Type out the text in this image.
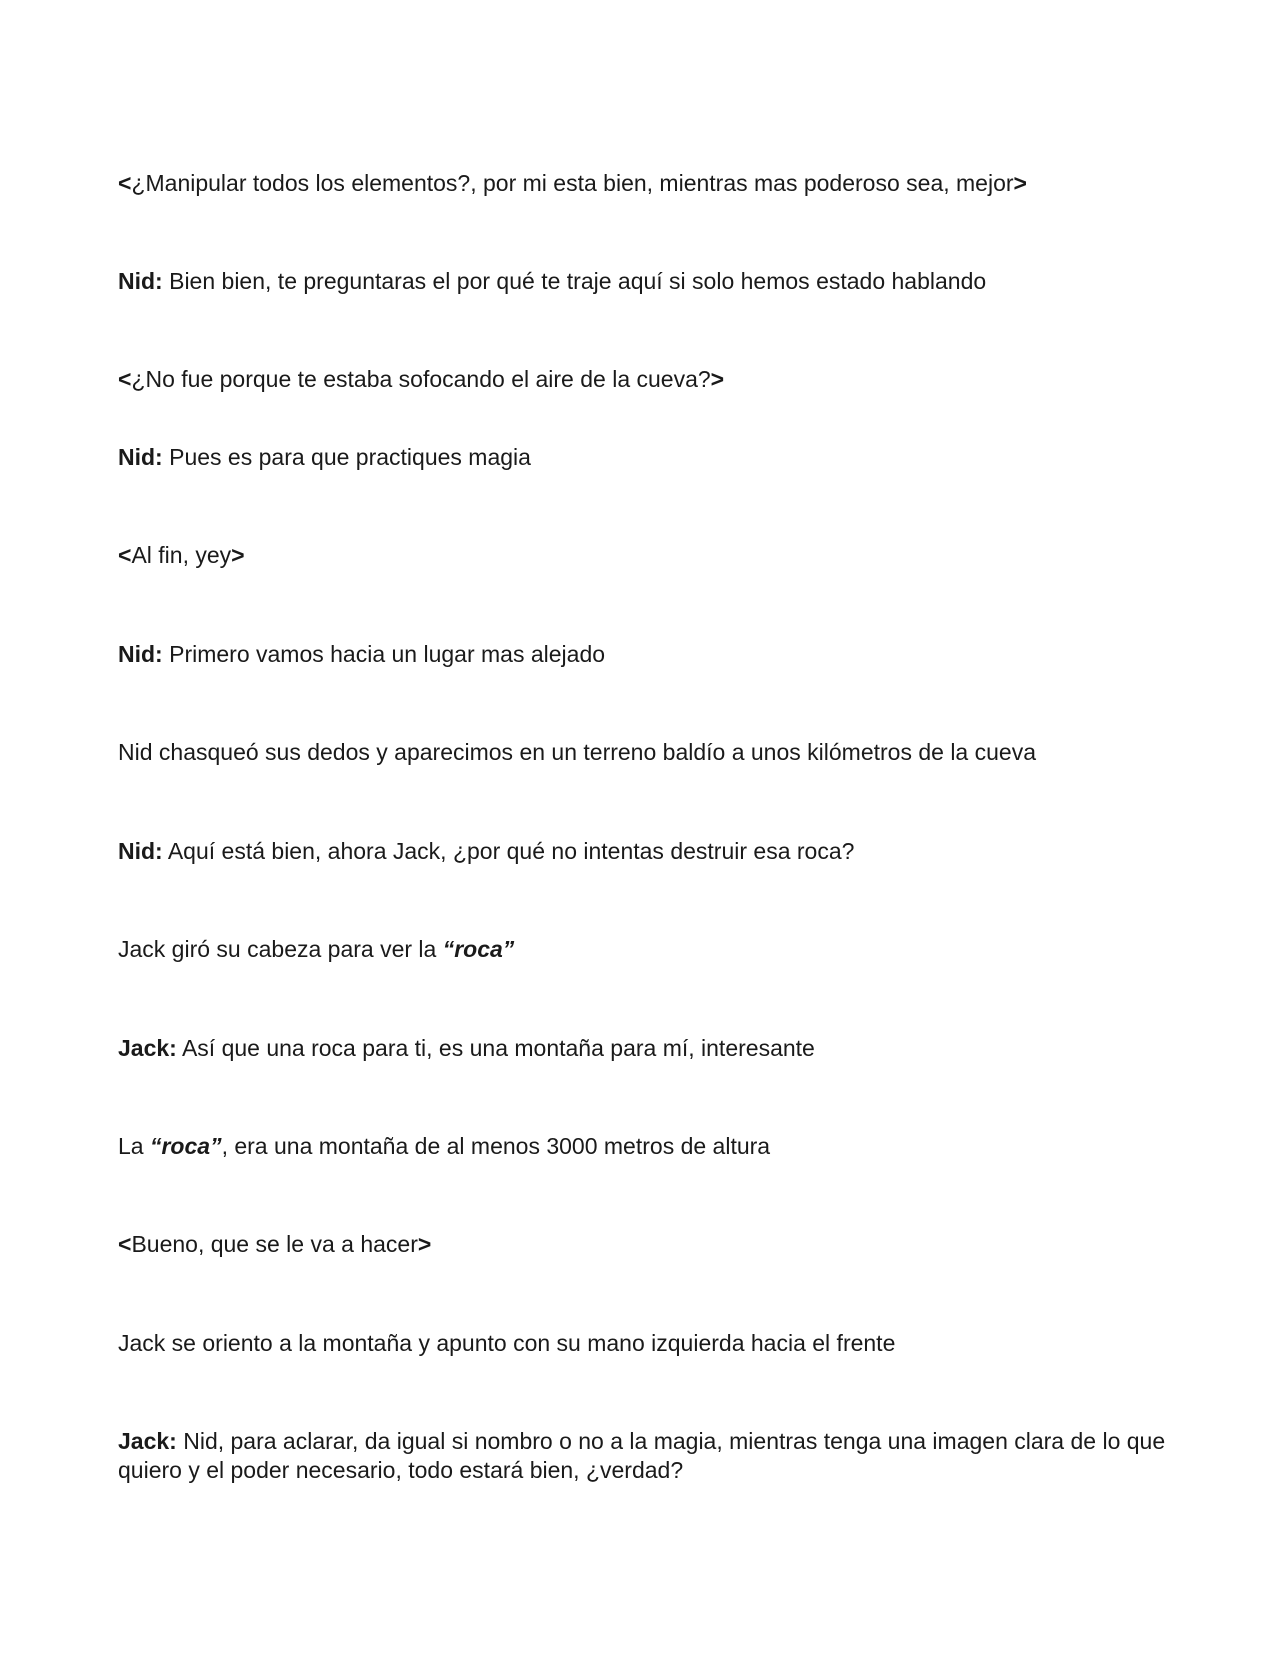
<¿Manipular todos los elementos?, por mi esta bien, mientras mas poderoso sea, mejor>

Nid: Bien bien, te preguntaras el por qué te traje aquí si solo hemos estado hablando

<¿No fue porque te estaba sofocando el aire de la cueva?>

Nid: Pues es para que practiques magia

<Al fin, yey>

Nid: Primero vamos hacia un lugar mas alejado

Nid chasqueó sus dedos y aparecimos en un terreno baldío a unos kilómetros de la cueva

Nid: Aquí está bien, ahora Jack, ¿por qué no intentas destruir esa roca?

Jack giró su cabeza para ver la “roca”

Jack: Así que una roca para ti, es una montaña para mí, interesante

La “roca”, era una montaña de al menos 3000 metros de altura

<Bueno, que se le va a hacer>

Jack se oriento a la montaña y apunto con su mano izquierda hacia el frente

Jack: Nid, para aclarar, da igual si nombro o no a la magia, mientras tenga una imagen clara de lo que quiero y el poder necesario, todo estará bien, ¿verdad?
